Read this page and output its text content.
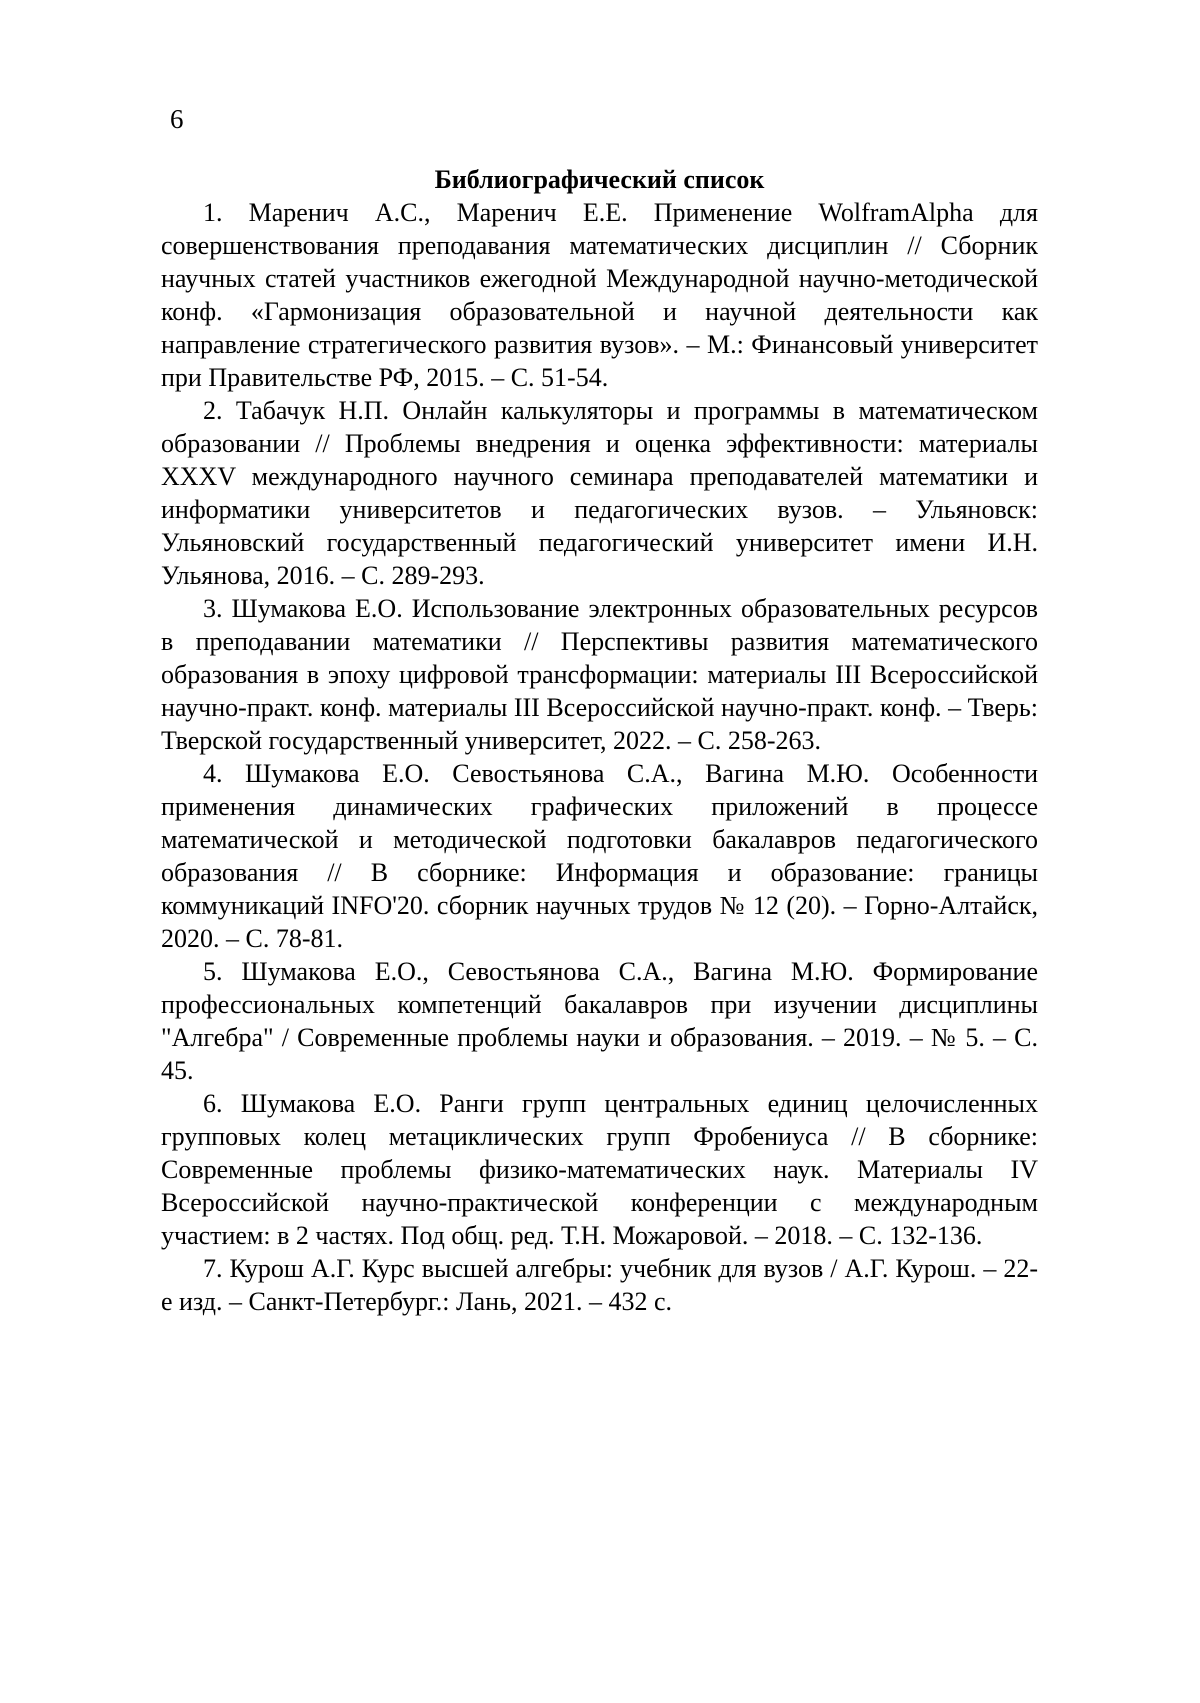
6

Библиографический список

1. Маренич А.С., Маренич Е.Е. Применение WolframAlpha для совершенствования преподавания математических дисциплин // Сборник научных статей участников ежегодной Международной научно-методической конф. «Гармонизация образовательной и научной деятельности как направление стратегического развития вузов». – М.: Финансовый университет при Правительстве РФ, 2015. – С. 51-54.

2. Табачук Н.П. Онлайн калькуляторы и программы в математическом образовании // Проблемы внедрения и оценка эффективности: материалы XXXV международного научного семинара преподавателей математики и информатики университетов и педагогических вузов. – Ульяновск: Ульяновский государственный педагогический университет имени И.Н. Ульянова, 2016. – С. 289-293.

3. Шумакова Е.О. Использование электронных образовательных ресурсов в преподавании математики // Перспективы развития математического образования в эпоху цифровой трансформации: материалы III Всероссийской научно-практ. конф. материалы III Всероссийской научно-практ. конф. – Тверь: Тверской государственный университет, 2022. – С. 258-263.

4. Шумакова Е.О. Севостьянова С.А., Вагина М.Ю. Особенности применения динамических графических приложений в процессе математической и методической подготовки бакалавров педагогического образования // В сборнике: Информация и образование: границы коммуникаций INFO'20. сборник научных трудов № 12 (20). – Горно-Алтайск, 2020. – С. 78-81.

5. Шумакова Е.О., Севостьянова С.А., Вагина М.Ю. Формирование профессиональных компетенций бакалавров при изучении дисциплины "Алгебра" / Современные проблемы науки и образования. – 2019. – № 5. – С. 45.

6. Шумакова Е.О. Ранги групп центральных единиц целочисленных групповых колец метациклических групп Фробениуса // В сборнике: Современные проблемы физико-математических наук. Материалы IV Всероссийской научно-практической конференции с международным участием: в 2 частях. Под общ. ред. Т.Н. Можаровой. – 2018. – С. 132-136.

7. Курош А.Г. Курс высшей алгебры: учебник для вузов / А.Г. Курош. – 22-е изд. – Санкт-Петербург.: Лань, 2021. – 432 с.
